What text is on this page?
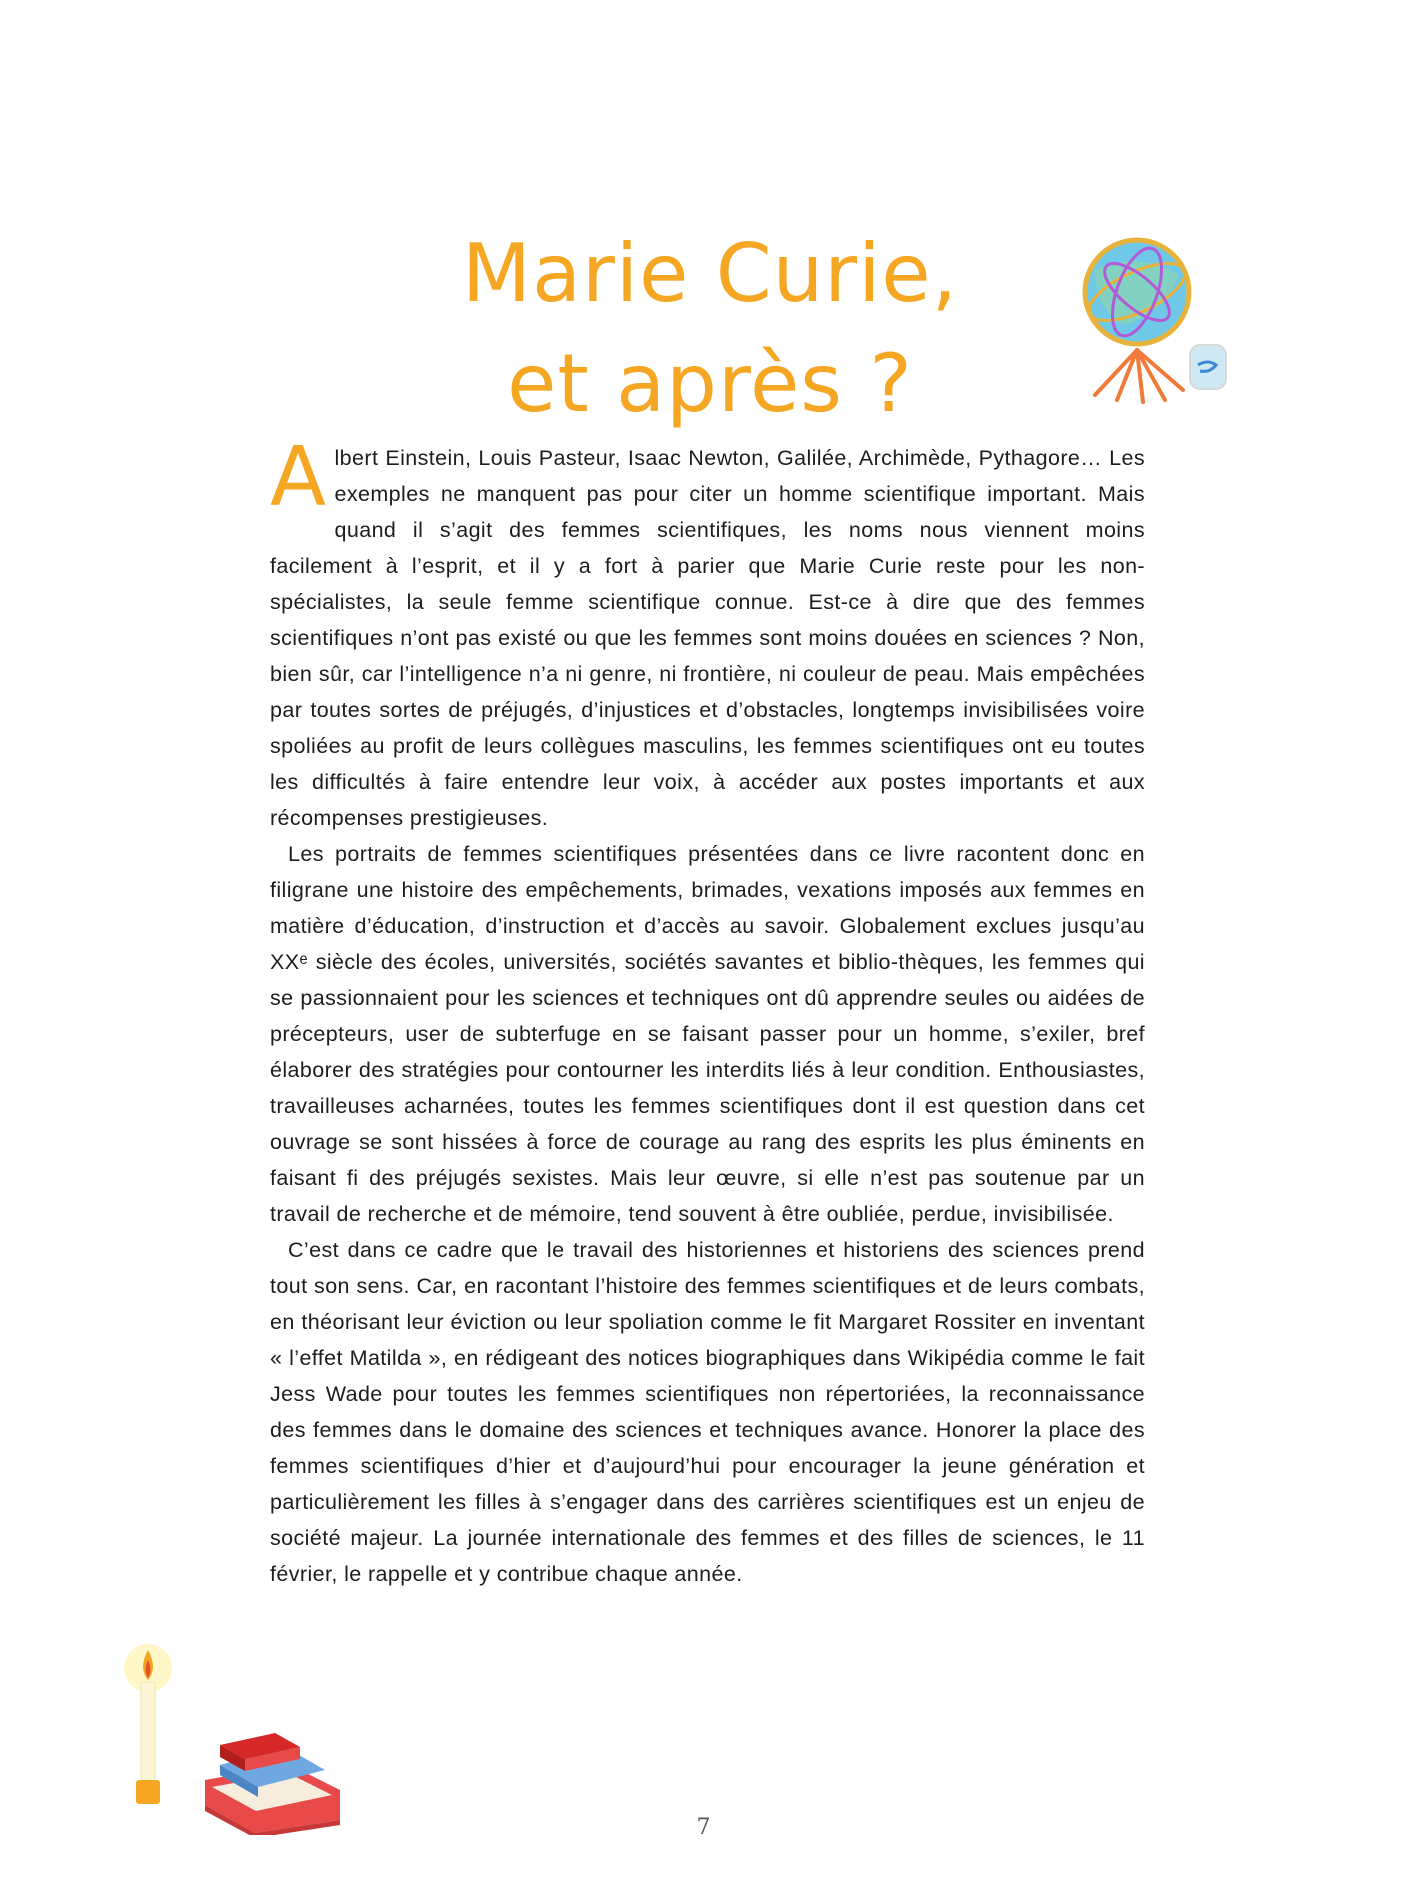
Marie Curie,
et après ?

Albert Einstein, Louis Pasteur, Isaac Newton, Galilée, Archimède, Pythagore… Les exemples ne manquent pas pour citer un homme scientifique important. Mais quand il s’agit des femmes scientifiques, les noms nous viennent moins facilement à l’esprit, et il y a fort à parier que Marie Curie reste pour les non-spécialistes, la seule femme scientifique connue. Est-ce à dire que des femmes scientifiques n’ont pas existé ou que les femmes sont moins douées en sciences ? Non, bien sûr, car l’intelligence n’a ni genre, ni frontière, ni couleur de peau. Mais empêchées par toutes sortes de préjugés, d’injustices et d’obstacles, longtemps invisibilisées voire spoliées au profit de leurs collègues masculins, les femmes scientifiques ont eu toutes les difficultés à faire entendre leur voix, à accéder aux postes importants et aux récompenses prestigieuses.

Les portraits de femmes scientifiques présentées dans ce livre racontent donc en filigrane une histoire des empêchements, brimades, vexations imposés aux femmes en matière d’éducation, d’instruction et d’accès au savoir. Globalement exclues jusqu’au XXᵉ siècle des écoles, universités, sociétés savantes et biblio-thèques, les femmes qui se passionnaient pour les sciences et techniques ont dû apprendre seules ou aidées de précepteurs, user de subterfuge en se faisant passer pour un homme, s’exiler, bref élaborer des stratégies pour contourner les interdits liés à leur condition. Enthousiastes, travailleuses acharnées, toutes les femmes scientifiques dont il est question dans cet ouvrage se sont hissées à force de courage au rang des esprits les plus éminents en faisant fi des préjugés sexistes. Mais leur œuvre, si elle n’est pas soutenue par un travail de recherche et de mémoire, tend souvent à être oubliée, perdue, invisibilisée.

C’est dans ce cadre que le travail des historiennes et historiens des sciences prend tout son sens. Car, en racontant l’histoire des femmes scientifiques et de leurs combats, en théorisant leur éviction ou leur spoliation comme le fit Margaret Rossiter en inventant « l’effet Matilda », en rédigeant des notices biographiques dans Wikipédia comme le fait Jess Wade pour toutes les femmes scientifiques non répertoriées, la reconnaissance des femmes dans le domaine des sciences et techniques avance. Honorer la place des femmes scientifiques d’hier et d’aujourd’hui pour encourager la jeune génération et particulièrement les filles à s’engager dans des carrières scientifiques est un enjeu de société majeur. La journée internationale des femmes et des filles de sciences, le 11 février, le rappelle et y contribue chaque année.

7
